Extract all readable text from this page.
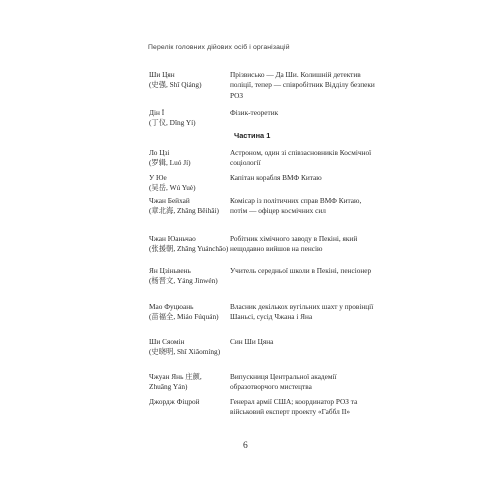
Перелік головних дійових осіб і організацій
Ши Цян
(史强, Shǐ Qiáng)
Прізвисько — Да Ши. Колишній детектив поліції, тепер — співробітник Відділу безпеки РОЗ
Дін Ї
(丁仪, Dīng Yí)
Фізик-теоретик
Частина 1
Ло Цзі
(罗辑, Luó Jí)
Астроном, один зі співзасновників Космічної соціології
У Юе
(吴岳, Wú Yuè)
Капітан корабля ВМФ Китаю
Чжан Бейхай
(章北海, Zhāng Běihǎi)
Комісар із політичних справ ВМФ Китаю, потім — офіцер космічних сил
Чжан Юаньчао
(张援朝, Zhāng Yuánchāo)
Робітник хімічного заводу в Пекіні, який нещодавно вийшов на пенсію
Ян Цзіньвень
(杨晋文, Yáng Jìnwén)
Учитель середньої школи в Пекіні, пенсіонер
Мао Фуцюань
(苗福全, Miáo Fúquán)
Власник декількох вугільних шахт у провінції Шаньсі, сусід Чжана і Яна
Ши Сяомін
(史晓明, Shǐ Xiǎomíng)
Син Ши Цяна
Чжуан Янь 庄颜,
Zhuāng Yán)
Випускниця Центральної академії образотворчого мистецтва
Джордж Фіцрой	Генерал армії США; координатор РОЗ та військовий експерт проекту «Габбл ІІ»
6
